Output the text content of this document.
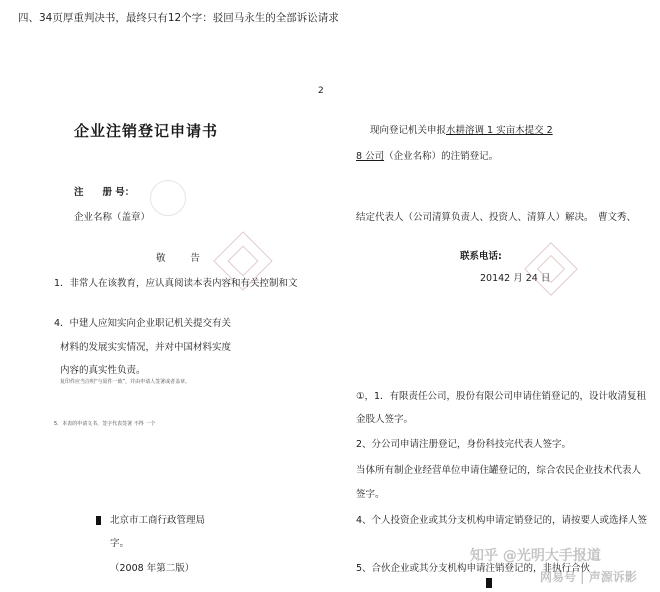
四、34页厚重判决书，最终只有12个字：驳回马永生的全部诉讼请求
2
企业注销登记申请书
注　　册 号：
企业名称（盖章）
敬　　告
1．非常人在该教育，应认真阅读本表内容和有关控制和文
4．中建人应知实向企业职记机关提交有关
材料的发展实实情况，并对中国材料实度
内容的真实性负责。
复印件应当注明“与原件一致”，并由申请人签署或者盖章。
5．本表的申请文书，签字代表签署 不得 一个
北京市工商行政管理局
字。
（2008 年第二版）
现向登记机关申报水耕溶调 1 实亩木提交 2
8 公司（企业名称）的注销登记。
结定代表人（公司清算负责人、投资人、清算人）解决。 曹文秀、
联系电话:
20142 月 24 日
①，1．有限责任公司，股份有限公司申请住销登记的，设计收清复租
金股人签字。
2、分公司申请注册登记，身份科技完代表人签字。
当体所有制企业经营单位申请住罐登记的，综合农民企业技术代表人
签字。
4、个人投资企业或其分支机构申请定销登记的，请按要人或选择人签
5、合伙企业或其分支机构申请注销登记的，非执行合伙
知乎 @光明大手报道
网易号 | 声源诉影
